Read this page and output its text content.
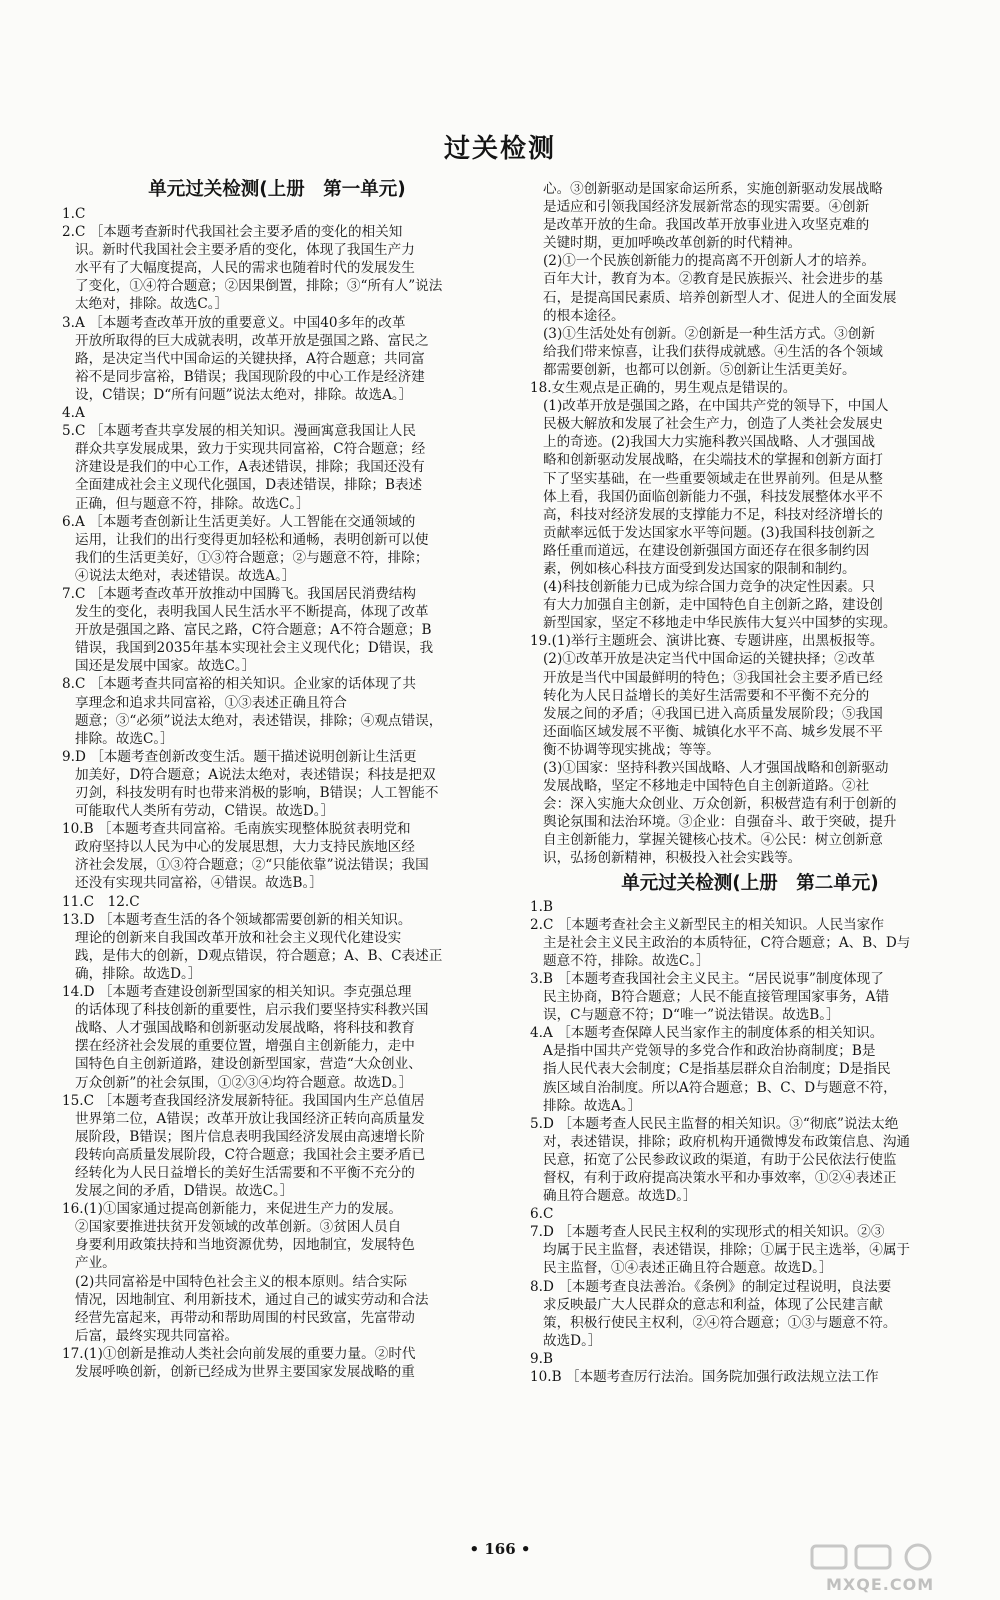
过关检测
单元过关检测(上册　第一单元)
1.C
2.C ［本题考查新时代我国社会主要矛盾的变化的相关知
识。新时代我国社会主要矛盾的变化，体现了我国生产力
水平有了大幅度提高，人民的需求也随着时代的发展发生
了变化，①④符合题意；②因果倒置，排除；③“所有人”说法
太绝对，排除。故选C。］
3.A ［本题考查改革开放的重要意义。中国40多年的改革
开放所取得的巨大成就表明，改革开放是强国之路、富民之
路，是决定当代中国命运的关键抉择，A符合题意；共同富
裕不是同步富裕，B错误；我国现阶段的中心工作是经济建
设，C错误；D“所有问题”说法太绝对，排除。故选A。］
4.A
5.C ［本题考查共享发展的相关知识。漫画寓意我国让人民
群众共享发展成果，致力于实现共同富裕，C符合题意；经
济建设是我们的中心工作，A表述错误，排除；我国还没有
全面建成社会主义现代化强国，D表述错误，排除；B表述
正确，但与题意不符，排除。故选C。］
6.A ［本题考查创新让生活更美好。人工智能在交通领域的
运用，让我们的出行变得更加轻松和通畅，表明创新可以使
我们的生活更美好，①③符合题意；②与题意不符，排除；
④说法太绝对，表述错误。故选A。］
7.C ［本题考查改革开放推动中国腾飞。我国居民消费结构
发生的变化，表明我国人民生活水平不断提高，体现了改革
开放是强国之路、富民之路，C符合题意；A不符合题意；B
错误，我国到2035年基本实现社会主义现代化；D错误，我
国还是发展中国家。故选C。］
8.C ［本题考查共同富裕的相关知识。企业家的话体现了共
享理念和追求共同富裕，①③表述正确且符合
题意；③“必须”说法太绝对，表述错误，排除；④观点错误，
排除。故选C。］
9.D ［本题考查创新改变生活。题干描述说明创新让生活更
加美好，D符合题意；A说法太绝对，表述错误；科技是把双
刃剑，科技发明有时也带来消极的影响，B错误；人工智能不
可能取代人类所有劳动，C错误。故选D。］
10.B ［本题考查共同富裕。毛南族实现整体脱贫表明党和
政府坚持以人民为中心的发展思想，大力支持民族地区经
济社会发展，①③符合题意；②“只能依靠”说法错误；我国
还没有实现共同富裕，④错误。故选B。］
11.C　12.C
13.D ［本题考查生活的各个领域都需要创新的相关知识。
理论的创新来自我国改革开放和社会主义现代化建设实
践，是伟大的创新，D观点错误，符合题意；A、B、C表述正
确，排除。故选D。］
14.D ［本题考查建设创新型国家的相关知识。李克强总理
的话体现了科技创新的重要性，启示我们要坚持实科教兴国
战略、人才强国战略和创新驱动发展战略，将科技和教育
摆在经济社会发展的重要位置，增强自主创新能力，走中
国特色自主创新道路，建设创新型国家，营造“大众创业、
万众创新”的社会氛围，①②③④均符合题意。故选D。］
15.C ［本题考查我国经济发展新特征。我国国内生产总值居
世界第二位，A错误；改革开放让我国经济正转向高质量发
展阶段，B错误；图片信息表明我国经济发展由高速增长阶
段转向高质量发展阶段，C符合题意；我国社会主要矛盾已
经转化为人民日益增长的美好生活需要和不平衡不充分的
发展之间的矛盾，D错误。故选C。］
16.(1)①国家通过提高创新能力，来促进生产力的发展。
②国家要推进扶贫开发领域的改革创新。③贫困人员自
身要利用政策扶持和当地资源优势，因地制宜，发展特色
产业。
(2)共同富裕是中国特色社会主义的根本原则。结合实际
情况，因地制宜、利用新技术，通过自己的诚实劳动和合法
经营先富起来，再带动和帮助周围的村民致富，先富带动
后富，最终实现共同富裕。
17.(1)①创新是推动人类社会向前发展的重要力量。②时代
发展呼唤创新，创新已经成为世界主要国家发展战略的重
心。③创新驱动是国家命运所系，实施创新驱动发展战略
是适应和引领我国经济发展新常态的现实需要。④创新
是改革开放的生命。我国改革开放事业进入攻坚克难的
关键时期，更加呼唤改革创新的时代精神。
(2)①一个民族创新能力的提高离不开创新人才的培养。
百年大计，教育为本。②教育是民族振兴、社会进步的基
石，是提高国民素质、培养创新型人才、促进人的全面发展
的根本途径。
(3)①生活处处有创新。②创新是一种生活方式。③创新
给我们带来惊喜，让我们获得成就感。④生活的各个领域
都需要创新，也都可以创新。⑤创新让生活更美好。
18.女生观点是正确的，男生观点是错误的。
(1)改革开放是强国之路，在中国共产党的领导下，中国人
民极大解放和发展了社会生产力，创造了人类社会发展史
上的奇迹。(2)我国大力实施科教兴国战略、人才强国战
略和创新驱动发展战略，在尖端技术的掌握和创新方面打
下了坚实基础，在一些重要领域走在世界前列。但是从整
体上看，我国仍面临创新能力不强，科技发展整体水平不
高，科技对经济发展的支撑能力不足，科技对经济增长的
贡献率远低于发达国家水平等问题。(3)我国科技创新之
路任重而道远，在建设创新强国方面还存在很多制约因
素，例如核心科技方面受到发达国家的限制和制约。
(4)科技创新能力已成为综合国力竞争的决定性因素。只
有大力加强自主创新，走中国特色自主创新之路，建设创
新型国家，坚定不移地走中华民族伟大复兴中国梦的实现。
19.(1)举行主题班会、演讲比赛、专题讲座，出黑板报等。
(2)①改革开放是决定当代中国命运的关键抉择；②改革
开放是当代中国最鲜明的特色；③我国社会主要矛盾已经
转化为人民日益增长的美好生活需要和不平衡不充分的
发展之间的矛盾；④我国已进入高质量发展阶段；⑤我国
还面临区域发展不平衡、城镇化水平不高、城乡发展不平
衡不协调等现实挑战；等等。
(3)①国家：坚持科教兴国战略、人才强国战略和创新驱动
发展战略，坚定不移地走中国特色自主创新道路。②社
会：深入实施大众创业、万众创新，积极营造有利于创新的
舆论氛围和法治环境。③企业：自强奋斗、敢于突破，提升
自主创新能力，掌握关键核心技术。④公民：树立创新意
识，弘扬创新精神，积极投入社会实践等。
单元过关检测(上册　第二单元)
1.B
2.C ［本题考查社会主义新型民主的相关知识。人民当家作
主是社会主义民主政治的本质特征，C符合题意；A、B、D与
题意不符，排除。故选C。］
3.B ［本题考查我国社会主义民主。“居民说事”制度体现了
民主协商，B符合题意；人民不能直接管理国家事务，A错
误，C与题意不符；D“唯一”说法错误。故选B。］
4.A ［本题考查保障人民当家作主的制度体系的相关知识。
A是指中国共产党领导的多党合作和政治协商制度；B是
指人民代表大会制度；C是指基层群众自治制度；D是指民
族区域自治制度。所以A符合题意；B、C、D与题意不符，
排除。故选A。］
5.D ［本题考查人民民主监督的相关知识。③“彻底”说法太绝
对，表述错误，排除；政府机构开通微博发布政策信息、沟通
民意，拓宽了公民参政议政的渠道，有助于公民依法行使监
督权，有利于政府提高决策水平和办事效率，①②④表述正
确且符合题意。故选D。］
6.C
7.D ［本题考查人民民主权利的实现形式的相关知识。②③
均属于民主监督，表述错误，排除；①属于民主选举，④属于
民主监督，①④表述正确且符合题意。故选D。］
8.D ［本题考查良法善治。《条例》的制定过程说明，良法要
求反映最广大人民群众的意志和利益，体现了公民建言献
策，积极行使民主权利，②④符合题意；①③与题意不符。
故选D。］
9.B
10.B ［本题考查厉行法治。国务院加强行政法规立法工作
• 166 •
MXQE.COM
